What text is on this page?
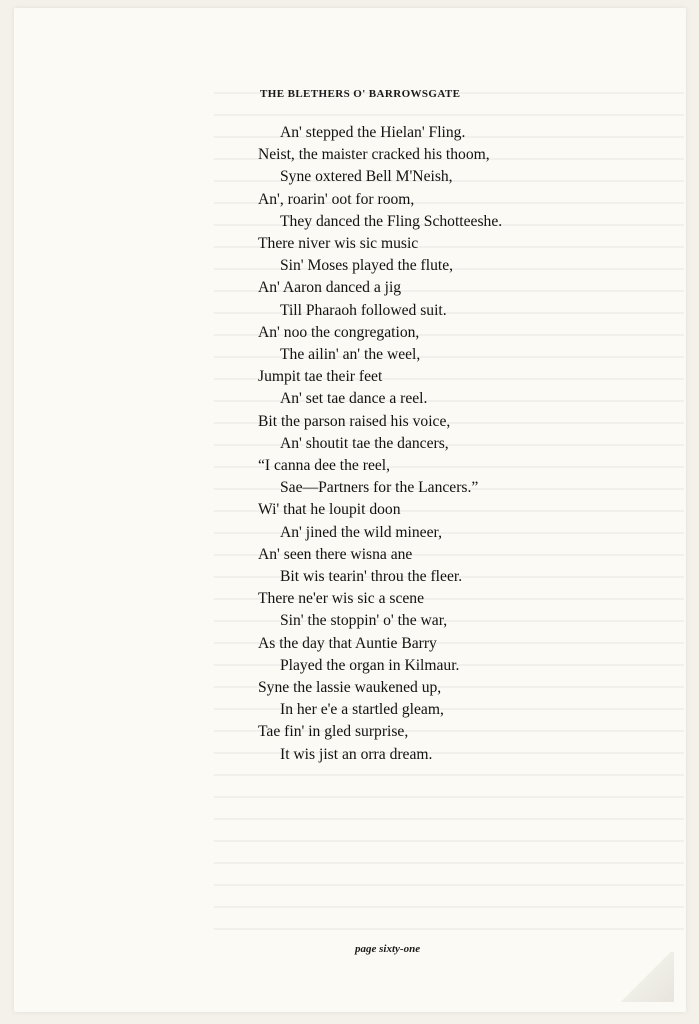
THE BLETHERS O' BARROWSGATE
An' stepped the Hielan' Fling.
Neist, the maister cracked his thoom,
Syne oxtered Bell M'Neish,
An', roarin' oot for room,
They danced the Fling Schotteeshe.
There niver wis sic music
Sin' Moses played the flute,
An' Aaron danced a jig
Till Pharaoh followed suit.
An' noo the congregation,
The ailin' an' the weel,
Jumpit tae their feet
An' set tae dance a reel.
Bit the parson raised his voice,
An' shoutit tae the dancers,
“I canna dee the reel,
Sae—Partners for the Lancers.”
Wi' that he loupit doon
An' jined the wild mineer,
An' seen there wisna ane
Bit wis tearin' throu the fleer.
There ne'er wis sic a scene
Sin' the stoppin' o' the war,
As the day that Auntie Barry
Played the organ in Kilmaur.
Syne the lassie waukened up,
In her e'e a startled gleam,
Tae fin' in gled surprise,
It wis jist an orra dream.
page sixty-one
